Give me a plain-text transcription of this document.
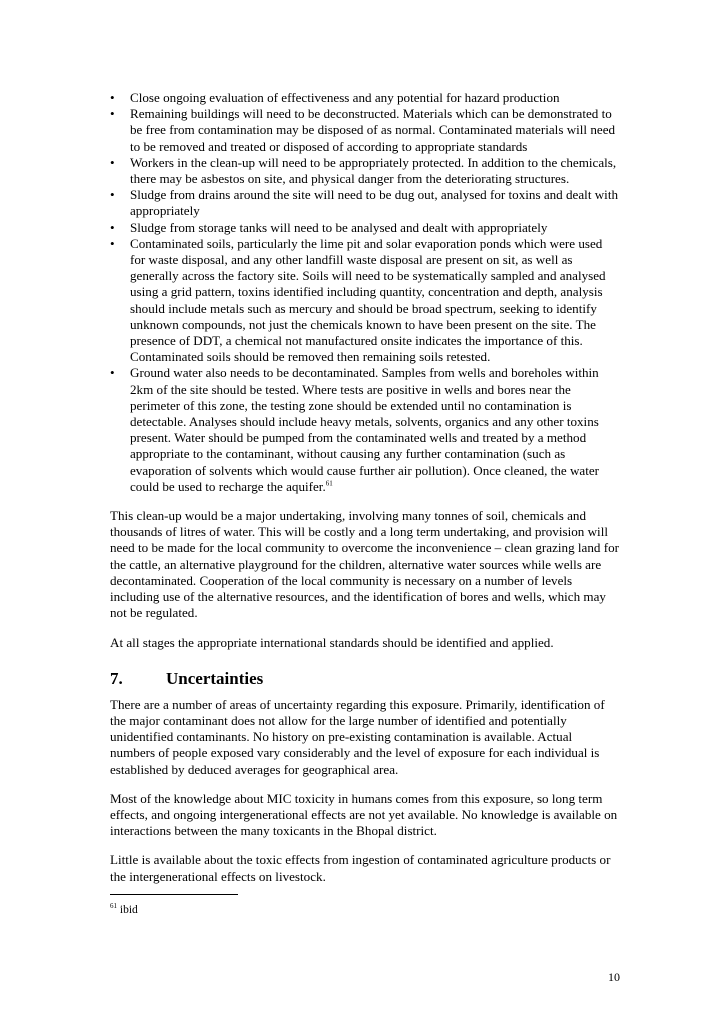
•	Close ongoing evaluation of effectiveness and any potential for hazard production
•	Remaining buildings will need to be deconstructed. Materials which can be demonstrated to be free from contamination may be disposed of as normal. Contaminated materials will need to be removed and treated or disposed of according to appropriate standards
•	Workers in the clean-up will need to be appropriately protected. In addition to the chemicals, there may be asbestos on site, and physical danger from the deteriorating structures.
•	Sludge from drains around the site will need to be dug out, analysed for toxins and dealt with appropriately
•	Sludge from storage tanks will need to be analysed and dealt with appropriately
•	Contaminated soils, particularly the lime pit and solar evaporation ponds which were used for waste disposal, and any other landfill waste disposal are present on sit, as well as generally across the factory site. Soils will need to be systematically sampled and analysed using a grid pattern, toxins identified including quantity, concentration and depth, analysis should include metals such as mercury and should be broad spectrum, seeking to identify unknown compounds, not just the chemicals known to have been present on the site. The presence of DDT, a chemical not manufactured onsite indicates the importance of this. Contaminated soils should be removed then remaining soils retested.
•	Ground water also needs to be decontaminated. Samples from wells and boreholes within 2km of the site should be tested. Where tests are positive in wells and bores near the perimeter of this zone, the testing zone should be extended until no contamination is detectable. Analyses should include heavy metals, solvents, organics and any other toxins present. Water should be pumped from the contaminated wells and treated by a method appropriate to the contaminant, without causing any further contamination (such as evaporation of solvents which would cause further air pollution). Once cleaned, the water could be used to recharge the aquifer.$^{61}$

This clean-up would be a major undertaking, involving many tonnes of soil, chemicals and thousands of litres of water. This will be costly and a long term undertaking, and provision will need to be made for the local community to overcome the inconvenience – clean grazing land for the cattle, an alternative playground for the children, alternative water sources while wells are decontaminated. Cooperation of the local community is necessary on a number of levels including use of the alternative resources, and the identification of bores and wells, which may not be regulated.

At all stages the appropriate international standards should be identified and applied.

7.	Uncertainties

There are a number of areas of uncertainty regarding this exposure. Primarily, identification of the major contaminant does not allow for the large number of identified and potentially unidentified contaminants. No history on pre-existing contamination is available. Actual numbers of people exposed vary considerably and the level of exposure for each individual is established by deduced averages for geographical area.

Most of the knowledge about MIC toxicity in humans comes from this exposure, so long term effects, and ongoing intergenerational effects are not yet available. No knowledge is available on interactions between the many toxicants in the Bhopal district.

Little is available about the toxic effects from ingestion of contaminated agriculture products or the intergenerational effects on livestock.

$^{61}$ ibid
10
